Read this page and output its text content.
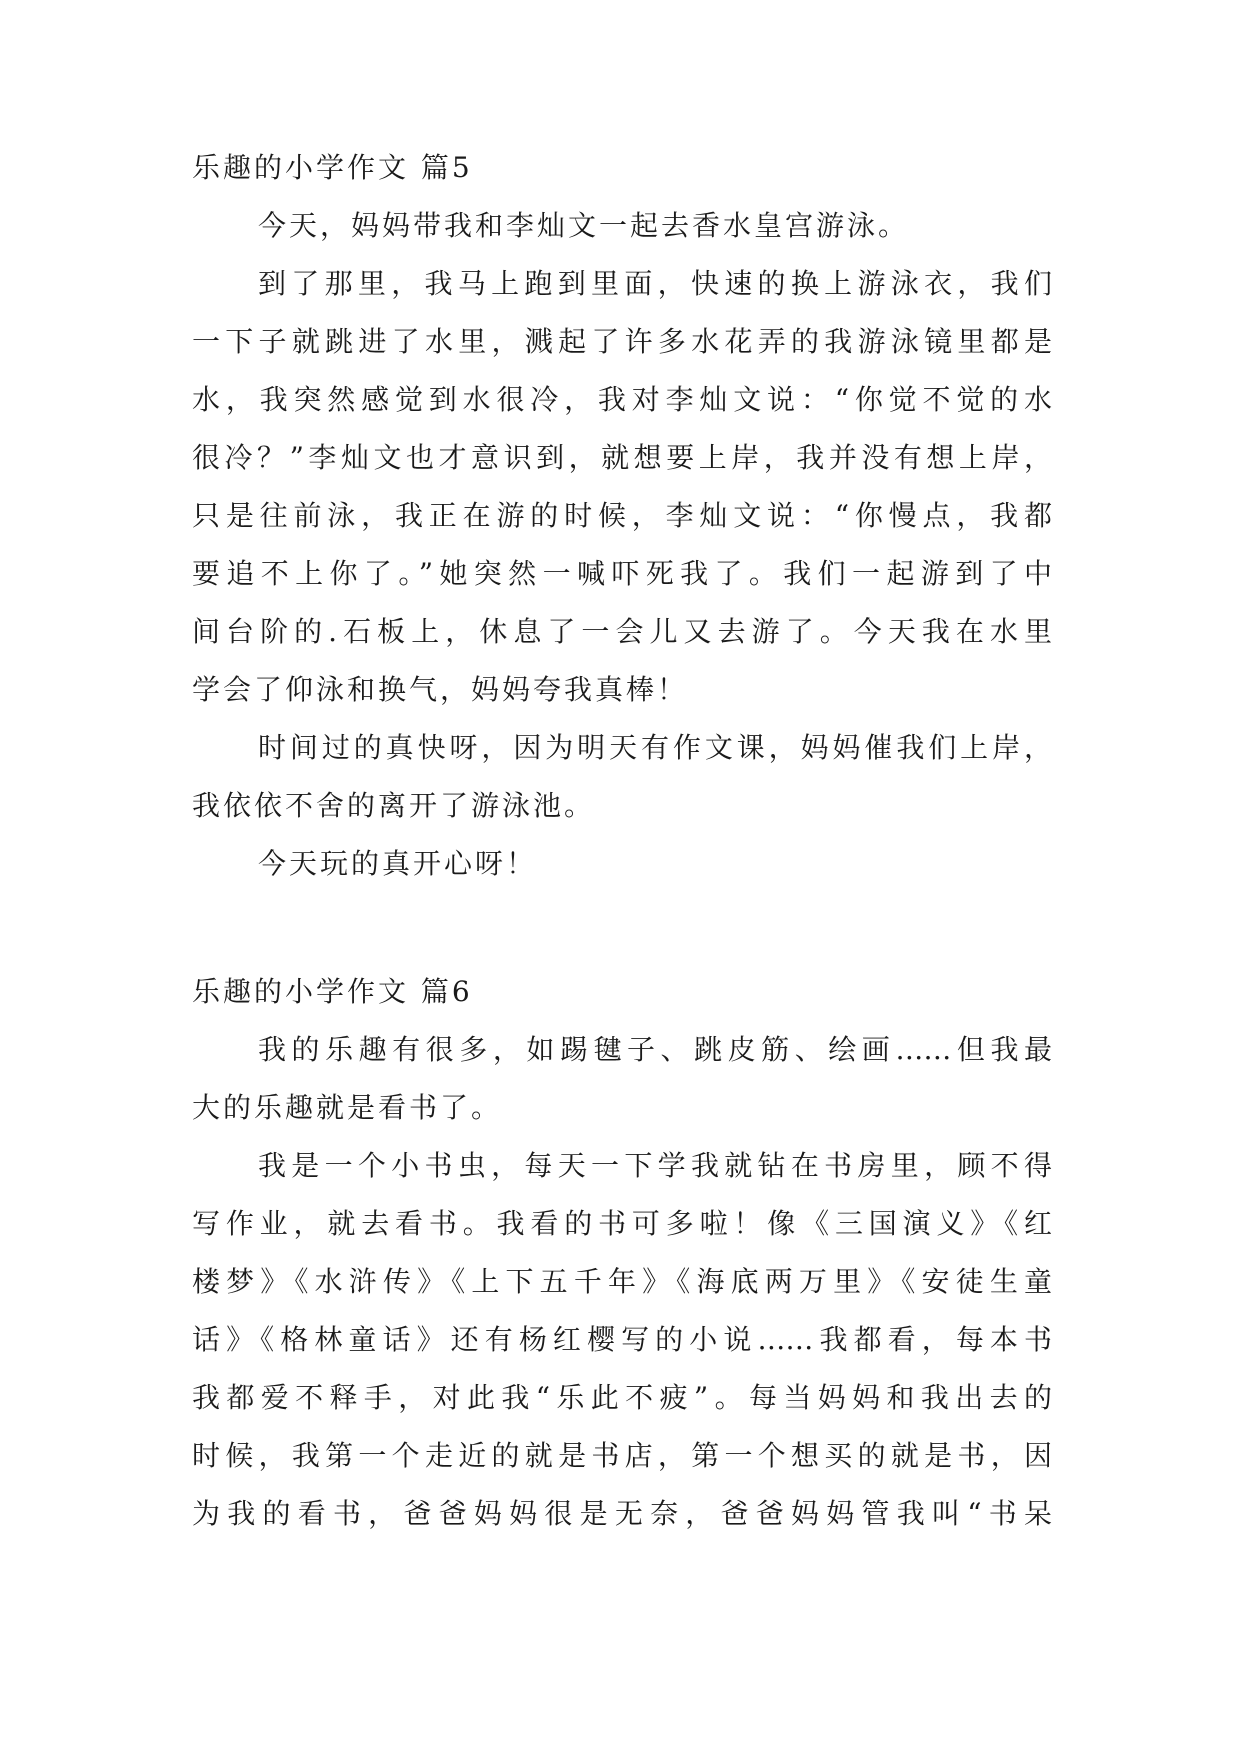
乐趣的小学作文 篇5
今天，妈妈带我和李灿文一起去香水皇宫游泳。
到了那里，我马上跑到里面，快速的换上游泳衣，我们
一下子就跳进了水里，溅起了许多水花弄的我游泳镜里都是
水，我突然感觉到水很冷，我对李灿文说：“你觉不觉的水
很冷？”李灿文也才意识到，就想要上岸，我并没有想上岸，
只是往前泳，我正在游的时候，李灿文说：“你慢点，我都
要追不上你了。”她突然一喊吓死我了。我们一起游到了中
间台阶的.石板上，休息了一会儿又去游了。今天我在水里
学会了仰泳和换气，妈妈夸我真棒！
时间过的真快呀，因为明天有作文课，妈妈催我们上岸，
我依依不舍的离开了游泳池。
今天玩的真开心呀！
乐趣的小学作文 篇6
我的乐趣有很多，如踢毽子、跳皮筋、绘画……但我最
大的乐趣就是看书了。
我是一个小书虫，每天一下学我就钻在书房里，顾不得
写作业，就去看书。我看的书可多啦！像《三国演义》《红
楼梦》《水浒传》《上下五千年》《海底两万里》《安徒生童
话》《格林童话》还有杨红樱写的小说……我都看，每本书
我都爱不释手，对此我“乐此不疲”。每当妈妈和我出去的
时候，我第一个走近的就是书店，第一个想买的就是书，因
为我的看书，爸爸妈妈很是无奈，爸爸妈妈管我叫“书呆
